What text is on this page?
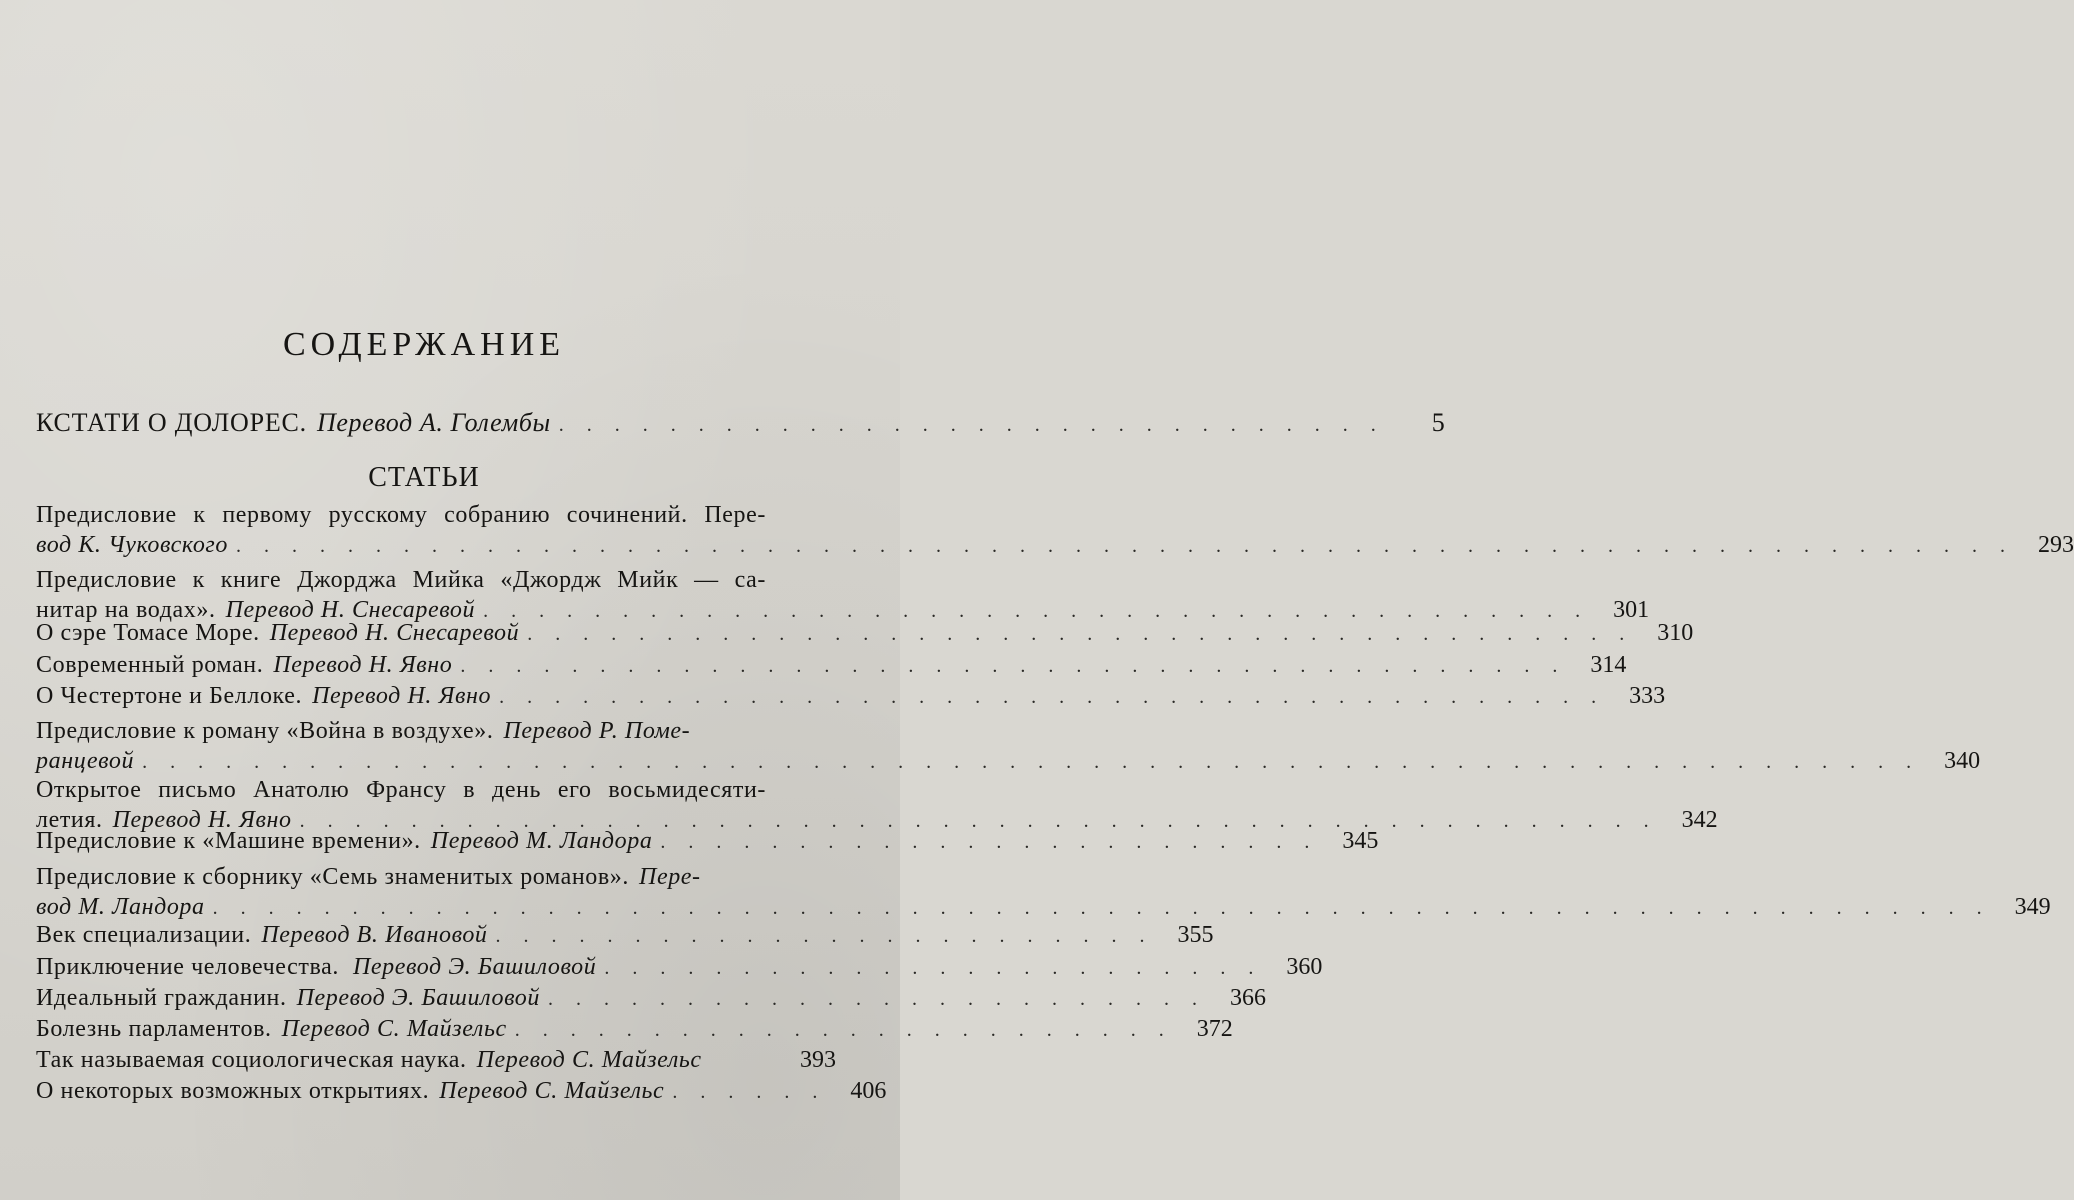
СОДЕРЖАНИЕ
КСТАТИ О ДОЛОРЕС. Перевод А. Голембы . . . . . . . . . . . . . . . . . . . . . . . . . . . . . .	5
СТАТЬИ
Предисловие к первому русскому собранию сочинений. Пере-
вод К. Чуковского . . . . . . . . . . . . . . . . . . . . . . . . . . . . . . . . . . . . . . . . . . . . . . . . . . . . . . . . . . . . . . . .	293
Предисловие к книге Джорджа Мийка «Джордж Мийк — са-
нитар на водах». Перевод Н. Снесаревой . . . . . . . . . . . . . . . . . . . . . . . . . . . . . . . . . . . . . . . .	301
О сэре Томасе Море. Перевод Н. Снесаревой . . . . . . . . . . . . . . . . . . . . . . . . . . . . . . . . . . . . . . . .	310
Современный роман. Перевод Н. Явно . . . . . . . . . . . . . . . . . . . . . . . . . . . . . . . . . . . . . . . .	314
О Честертоне и Беллоке. Перевод Н. Явно . . . . . . . . . . . . . . . . . . . . . . . . . . . . . . . . . . . . . . . .	333
Предисловие к роману «Война в воздухе». Перевод Р. Поме-
ранцевой . . . . . . . . . . . . . . . . . . . . . . . . . . . . . . . . . . . . . . . . . . . . . . . . . . . . . . . . . . . . . . . .	340
Открытое письмо Анатолю Франсу в день его восьмидесяти-
летия. Перевод Н. Явно . . . . . . . . . . . . . . . . . . . . . . . . . . . . . . . . . . . . . . . . . . . . . . . . .	342
Предисловие к «Машине времени». Перевод М. Ландора . . . . . . . . . . . . . . . . . . . . . . . .	345
Предисловие к сборнику «Семь знаменитых романов». Пере-
вод М. Ландора . . . . . . . . . . . . . . . . . . . . . . . . . . . . . . . . . . . . . . . . . . . . . . . . . . . . . . . . . . . . . . . .	349
Век специализации. Перевод В. Ивановой . . . . . . . . . . . . . . . . . . . . . . . .	355
Приключение человечества. Перевод Э. Башиловой . . . . . . . . . . . . . . . . . . . . . . . .	360
Идеальный гражданин. Перевод Э. Башиловой . . . . . . . . . . . . . . . . . . . . . . . .	366
Болезнь парламентов. Перевод С. Майзельс . . . . . . . . . . . . . . . . . . . . . . . .	372
Так называемая социологическая наука. Перевод С. Майзельс	393
О некоторых возможных открытиях. Перевод С. Майзельс . . . . . .	406
